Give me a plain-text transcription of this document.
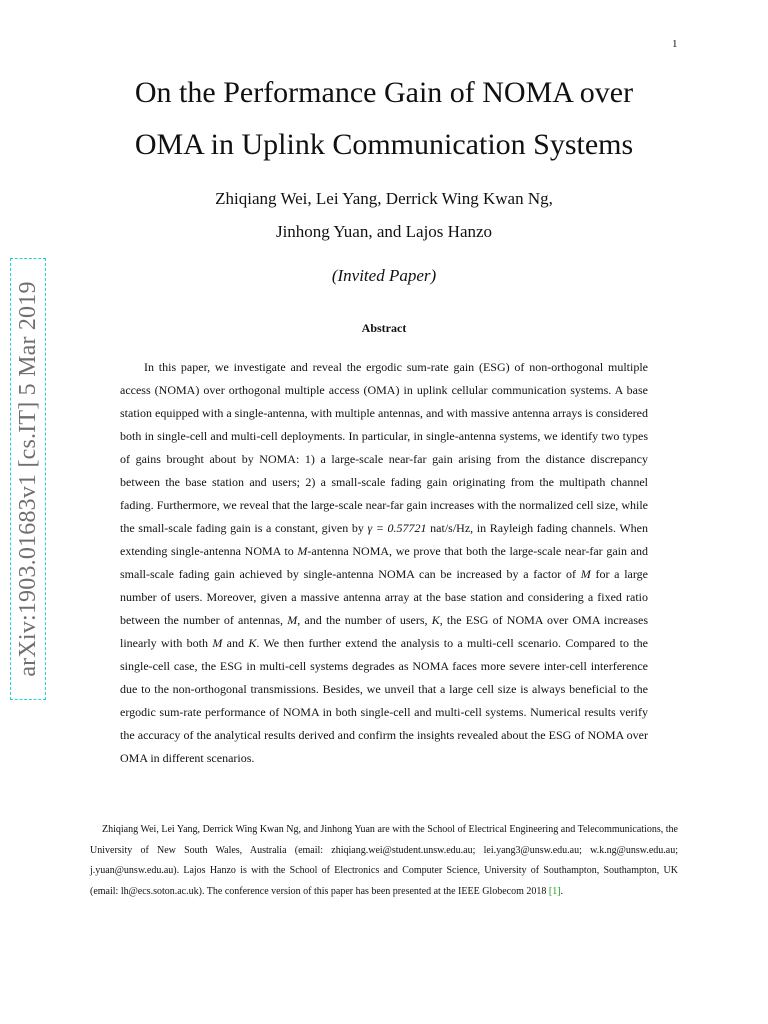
1
arXiv:1903.01683v1 [cs.IT] 5 Mar 2019
On the Performance Gain of NOMA over
OMA in Uplink Communication Systems
Zhiqiang Wei, Lei Yang, Derrick Wing Kwan Ng,
Jinhong Yuan, and Lajos Hanzo
(Invited Paper)
Abstract

In this paper, we investigate and reveal the ergodic sum-rate gain (ESG) of non-orthogonal multiple access (NOMA) over orthogonal multiple access (OMA) in uplink cellular communication systems. A base station equipped with a single-antenna, with multiple antennas, and with massive antenna arrays is considered both in single-cell and multi-cell deployments. In particular, in single-antenna systems, we identify two types of gains brought about by NOMA: 1) a large-scale near-far gain arising from the distance discrepancy between the base station and users; 2) a small-scale fading gain originating from the multipath channel fading. Furthermore, we reveal that the large-scale near-far gain increases with the normalized cell size, while the small-scale fading gain is a constant, given by γ = 0.57721 nat/s/Hz, in Rayleigh fading channels. When extending single-antenna NOMA to M-antenna NOMA, we prove that both the large-scale near-far gain and small-scale fading gain achieved by single-antenna NOMA can be increased by a factor of M for a large number of users. Moreover, given a massive antenna array at the base station and considering a fixed ratio between the number of antennas, M, and the number of users, K, the ESG of NOMA over OMA increases linearly with both M and K. We then further extend the analysis to a multi-cell scenario. Compared to the single-cell case, the ESG in multi-cell systems degrades as NOMA faces more severe inter-cell interference due to the non-orthogonal transmissions. Besides, we unveil that a large cell size is always beneficial to the ergodic sum-rate performance of NOMA in both single-cell and multi-cell systems. Numerical results verify the accuracy of the analytical results derived and confirm the insights revealed about the ESG of NOMA over OMA in different scenarios.

Zhiqiang Wei, Lei Yang, Derrick Wing Kwan Ng, and Jinhong Yuan are with the School of Electrical Engineering and Telecommunications, the University of New South Wales, Australia (email: zhiqiang.wei@student.unsw.edu.au; lei.yang3@unsw.edu.au; w.k.ng@unsw.edu.au; j.yuan@unsw.edu.au). Lajos Hanzo is with the School of Electronics and Computer Science, University of Southampton, Southampton, UK (email: lh@ecs.soton.ac.uk). The conference version of this paper has been presented at the IEEE Globecom 2018 [1].
